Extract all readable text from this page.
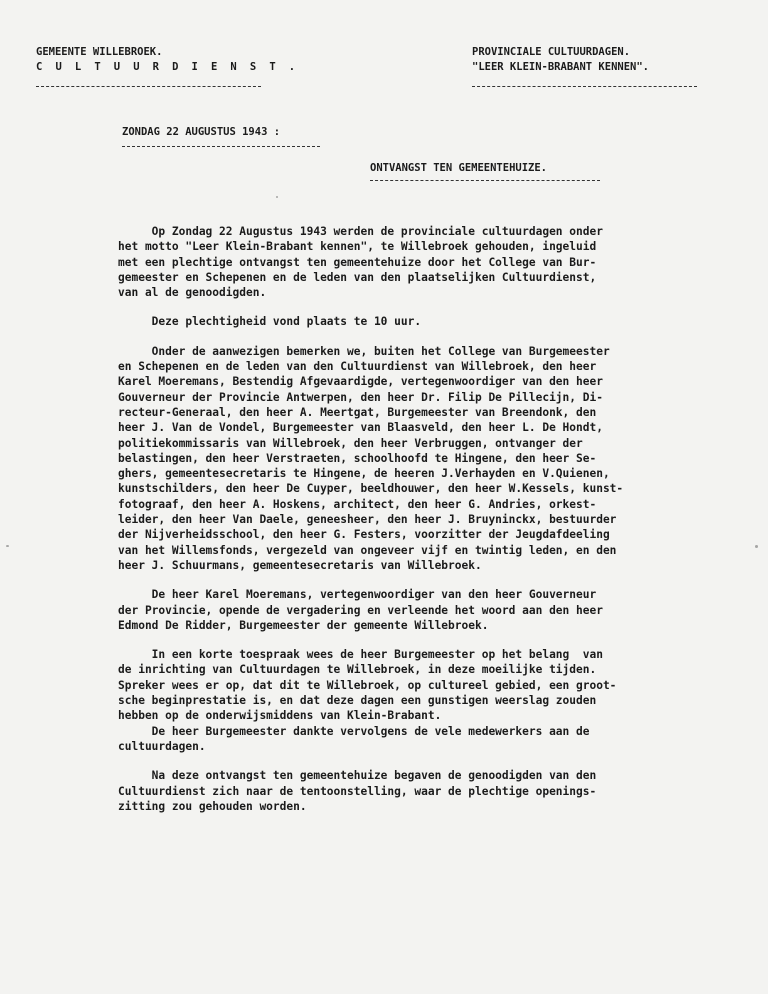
GEMEENTE WILLEBROEK.
C U L T U U R D I E N S T .
PROVINCIALE CULTUURDAGEN.
"LEER KLEIN-BRABANT KENNEN".
ZONDAG 22 AUGUSTUS 1943 :
ONTVANGST TEN GEMEENTEHUIZE.

Op Zondag 22 Augustus 1943 werden de provinciale cultuurdagen onder
het motto "Leer Klein-Brabant kennen", te Willebroek gehouden, ingeluid
met een plechtige ontvangst ten gemeentehuize door het College van Bur-
gemeester en Schepenen en de leden van den plaatselijken Cultuurdienst,
van al de genoodigden.

Deze plechtigheid vond plaats te 10 uur.

Onder de aanwezigen bemerken we, buiten het College van Burgemeester
en Schepenen en de leden van den Cultuurdienst van Willebroek, den heer
Karel Moeremans, Bestendig Afgevaardigde, vertegenwoordiger van den heer
Gouverneur der Provincie Antwerpen, den heer Dr. Filip De Pillecijn, Di-
recteur-Generaal, den heer A. Meertgat, Burgemeester van Breendonk, den
heer J. Van de Vondel, Burgemeester van Blaasveld, den heer L. De Hondt,
politiekommissaris van Willebroek, den heer Verbruggen, ontvanger der
belastingen, den heer Verstraeten, schoolhoofd te Hingene, den heer Se-
ghers, gemeentesecretaris te Hingene, de heeren J.Verhayden en V.Quienen,
kunstschilders, den heer De Cuyper, beeldhouwer, den heer W.Kessels, kunst-
fotograaf, den heer A. Hoskens, architect, den heer G. Andries, orkest-
leider, den heer Van Daele, geneesheer, den heer J. Bruyninckx, bestuurder
der Nijverheidsschool, den heer G. Festers, voorzitter der Jeugdafdeeling
van het Willemsfonds, vergezeld van ongeveer vijf en twintig leden, en den
heer J. Schuurmans, gemeentesecretaris van Willebroek.

De heer Karel Moeremans, vertegenwoordiger van den heer Gouverneur
der Provincie, opende de vergadering en verleende het woord aan den heer
Edmond De Ridder, Burgemeester der gemeente Willebroek.

In een korte toespraak wees de heer Burgemeester op het belang  van
de inrichting van Cultuurdagen te Willebroek, in deze moeilijke tijden.
Spreker wees er op, dat dit te Willebroek, op cultureel gebied, een groot-
sche beginprestatie is, en dat deze dagen een gunstigen weerslag zouden
hebben op de onderwijsmiddens van Klein-Brabant.
De heer Burgemeester dankte vervolgens de vele medewerkers aan de
cultuurdagen.

Na deze ontvangst ten gemeentehuize begaven de genoodigden van den
Cultuurdienst zich naar de tentoonstelling, waar de plechtige openings-
zitting zou gehouden worden.
